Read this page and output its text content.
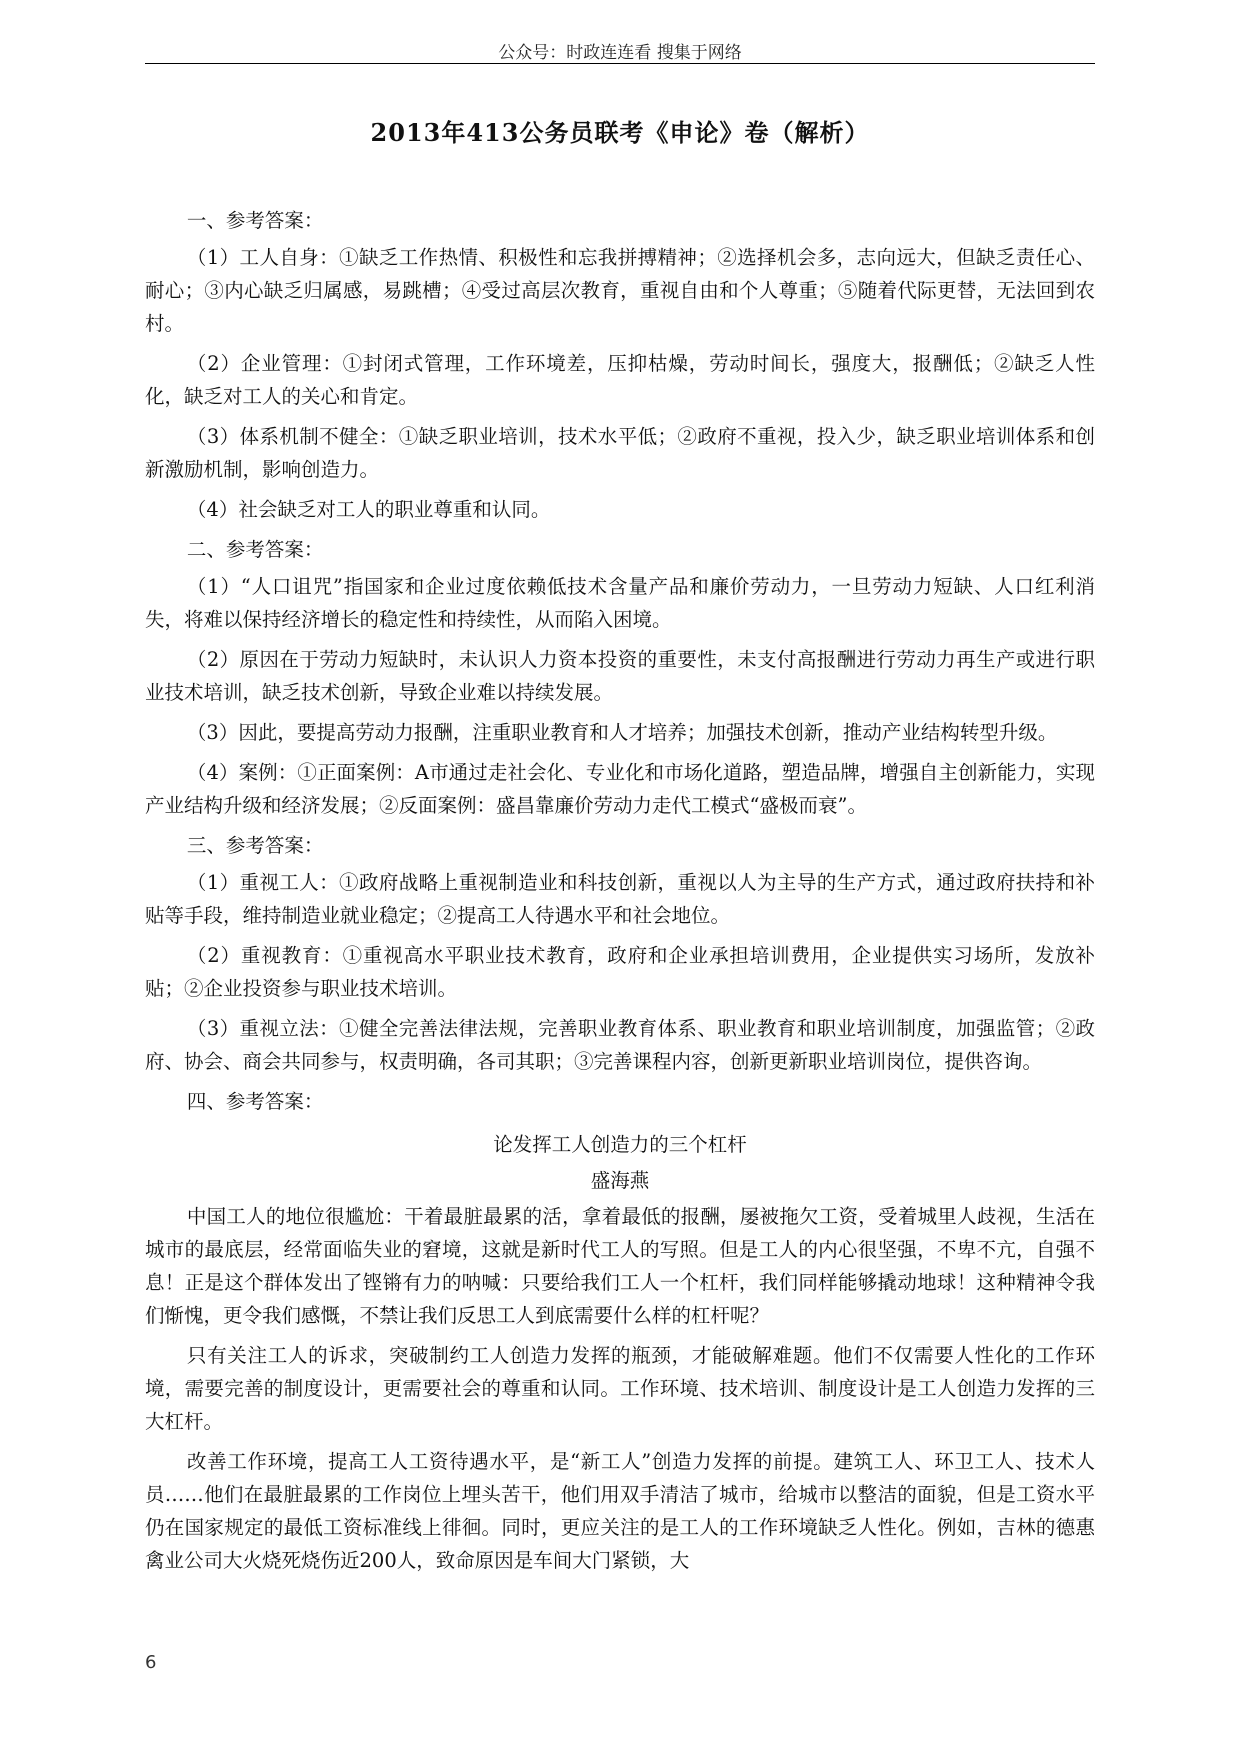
公众号：时政连连看 搜集于网络
2013年413公务员联考《申论》卷（解析）

一、参考答案：

（1）工人自身：①缺乏工作热情、积极性和忘我拼搏精神；②选择机会多，志向远大，但缺乏责任心、耐心；③内心缺乏归属感，易跳槽；④受过高层次教育，重视自由和个人尊重；⑤随着代际更替，无法回到农村。

（2）企业管理：①封闭式管理，工作环境差，压抑枯燥，劳动时间长，强度大，报酬低；②缺乏人性化，缺乏对工人的关心和肯定。

（3）体系机制不健全：①缺乏职业培训，技术水平低；②政府不重视，投入少，缺乏职业培训体系和创新激励机制，影响创造力。

（4）社会缺乏对工人的职业尊重和认同。

二、参考答案：

（1）“人口诅咒”指国家和企业过度依赖低技术含量产品和廉价劳动力，一旦劳动力短缺、人口红利消失，将难以保持经济增长的稳定性和持续性，从而陷入困境。

（2）原因在于劳动力短缺时，未认识人力资本投资的重要性，未支付高报酬进行劳动力再生产或进行职业技术培训，缺乏技术创新，导致企业难以持续发展。

（3）因此，要提高劳动力报酬，注重职业教育和人才培养；加强技术创新，推动产业结构转型升级。

（4）案例：①正面案例：A市通过走社会化、专业化和市场化道路，塑造品牌，增强自主创新能力，实现产业结构升级和经济发展；②反面案例：盛昌靠廉价劳动力走代工模式“盛极而衰”。

三、参考答案：

（1）重视工人：①政府战略上重视制造业和科技创新，重视以人为主导的生产方式，通过政府扶持和补贴等手段，维持制造业就业稳定；②提高工人待遇水平和社会地位。

（2）重视教育：①重视高水平职业技术教育，政府和企业承担培训费用，企业提供实习场所，发放补贴；②企业投资参与职业技术培训。

（3）重视立法：①健全完善法律法规，完善职业教育体系、职业教育和职业培训制度，加强监管；②政府、协会、商会共同参与，权责明确，各司其职；③完善课程内容，创新更新职业培训岗位，提供咨询。

四、参考答案：

论发挥工人创造力的三个杠杆

盛海燕

中国工人的地位很尴尬：干着最脏最累的活，拿着最低的报酬，屡被拖欠工资，受着城里人歧视，生活在城市的最底层，经常面临失业的窘境，这就是新时代工人的写照。但是工人的内心很坚强，不卑不亢，自强不息！正是这个群体发出了铿锵有力的呐喊：只要给我们工人一个杠杆，我们同样能够撬动地球！这种精神令我们惭愧，更令我们感慨，不禁让我们反思工人到底需要什么样的杠杆呢？

只有关注工人的诉求，突破制约工人创造力发挥的瓶颈，才能破解难题。他们不仅需要人性化的工作环境，需要完善的制度设计，更需要社会的尊重和认同。工作环境、技术培训、制度设计是工人创造力发挥的三大杠杆。

改善工作环境，提高工人工资待遇水平，是“新工人”创造力发挥的前提。建筑工人、环卫工人、技术人员……他们在最脏最累的工作岗位上埋头苦干，他们用双手清洁了城市，给城市以整洁的面貌，但是工资水平仍在国家规定的最低工资标准线上徘徊。同时，更应关注的是工人的工作环境缺乏人性化。例如，吉林的德惠禽业公司大火烧死烧伤近200人，致命原因是车间大门紧锁，大

6
